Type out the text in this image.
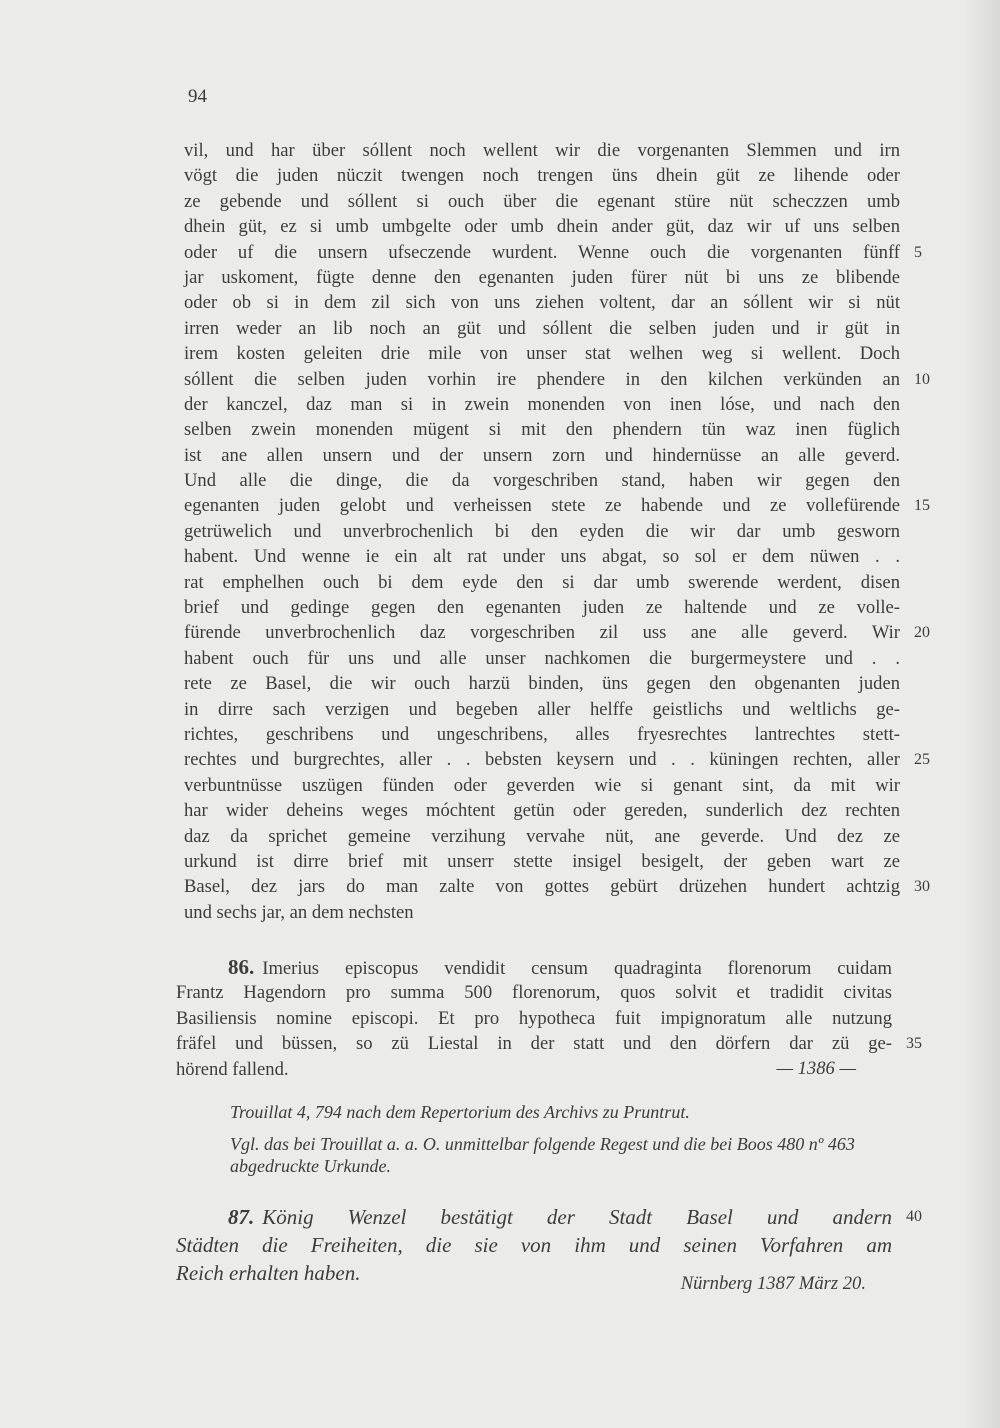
94
vil, und har über sóllent noch wellent wir die vorgenanten Slemmen und irn
vögt die juden nüczit twengen noch trengen üns dhein güt ze lihende oder
ze gebende und sóllent si ouch über die egenant stüre nüt scheczzen umb
dhein güt, ez si umb umbgelte oder umb dhein ander güt, daz wir uf uns selben
oder uf die unsern ufseczende wurdent. Wenne ouch die vorgenanten fünff 5
jar uskoment, fügte denne den egenanten juden fürer nüt bi uns ze blibende
oder ob si in dem zil sich von uns ziehen voltent, dar an sóllent wir si nüt
irren weder an lib noch an güt und sóllent die selben juden und ir güt in
irem kosten geleiten drie mile von unser stat welhen weg si wellent. Doch
sóllent die selben juden vorhin ire phendere in den kilchen verkünden an 10
der kanczel, daz man si in zwein monenden von inen lóse, und nach den
selben zwein monenden mügent si mit den phendern tün waz inen füglich
ist ane allen unsern und der unsern zorn und hindernüsse an alle geverd.
Und alle die dinge, die da vorgeschriben stand, haben wir gegen den
egenanten juden gelobt und verheissen stete ze habende und ze vollefürende 15
getrüwelich und unverbrochenlich bi den eyden die wir dar umb gesworn
habent. Und wenne ie ein alt rat under uns abgat, so sol er dem nüwen . .
rat emphelhen ouch bi dem eyde den si dar umb swerende werdent, disen
brief und gedinge gegen den egenanten juden ze haltende und ze volle-
fürende unverbrochenlich daz vorgeschriben zil uss ane alle geverd. Wir 20
habent ouch für uns und alle unser nachkomen die burgermeystere und . .
rete ze Basel, die wir ouch harzü binden, üns gegen den obgenanten juden
in dirre sach verzigen und begeben aller helffe geistlichs und weltlichs ge-
richtes, geschribens und ungeschribens, alles fryesrechtes lantrechtes stett-
rechtes und burgrechtes, aller . . bebsten keysern und . . küningen rechten, aller 25
verbuntnüsse uszügen fünden oder geverden wie si genant sint, da mit wir
har wider deheins weges móchtent getün oder gereden, sunderlich dez rechten
daz da sprichet gemeine verzihung vervahe nüt, ane geverde. Und dez ze
urkund ist dirre brief mit unserr stette insigel besigelt, der geben wart ze
Basel, dez jars do man zalte von gottes gebürt drüzehen hundert achtzig 30
und sechs jar, an dem nechsten
86. Imerius episcopus vendidit censum quadraginta florenorum cuidam
Frantz Hagendorn pro summa 500 florenorum, quos solvit et tradidit civitas
Basiliensis nomine episcopi. Et pro hypotheca fuit impignoratum alle nutzung
fräfel und büssen, so zü Liestal in der statt und den dörfern dar zü ge- 35
hörend fallend.	— 1386 —
Trouillat 4, 794 nach dem Repertorium des Archivs zu Pruntrut.
Vgl. das bei Trouillat a. a. O. unmittelbar folgende Regest und die bei Boos 480 nº 463 abgedruckte Urkunde.
87. König Wenzel bestätigt der Stadt Basel und andern 40
Städten die Freiheiten, die sie von ihm und seinen Vorfahren am
Reich erhalten haben.	Nürnberg 1387 März 20.
